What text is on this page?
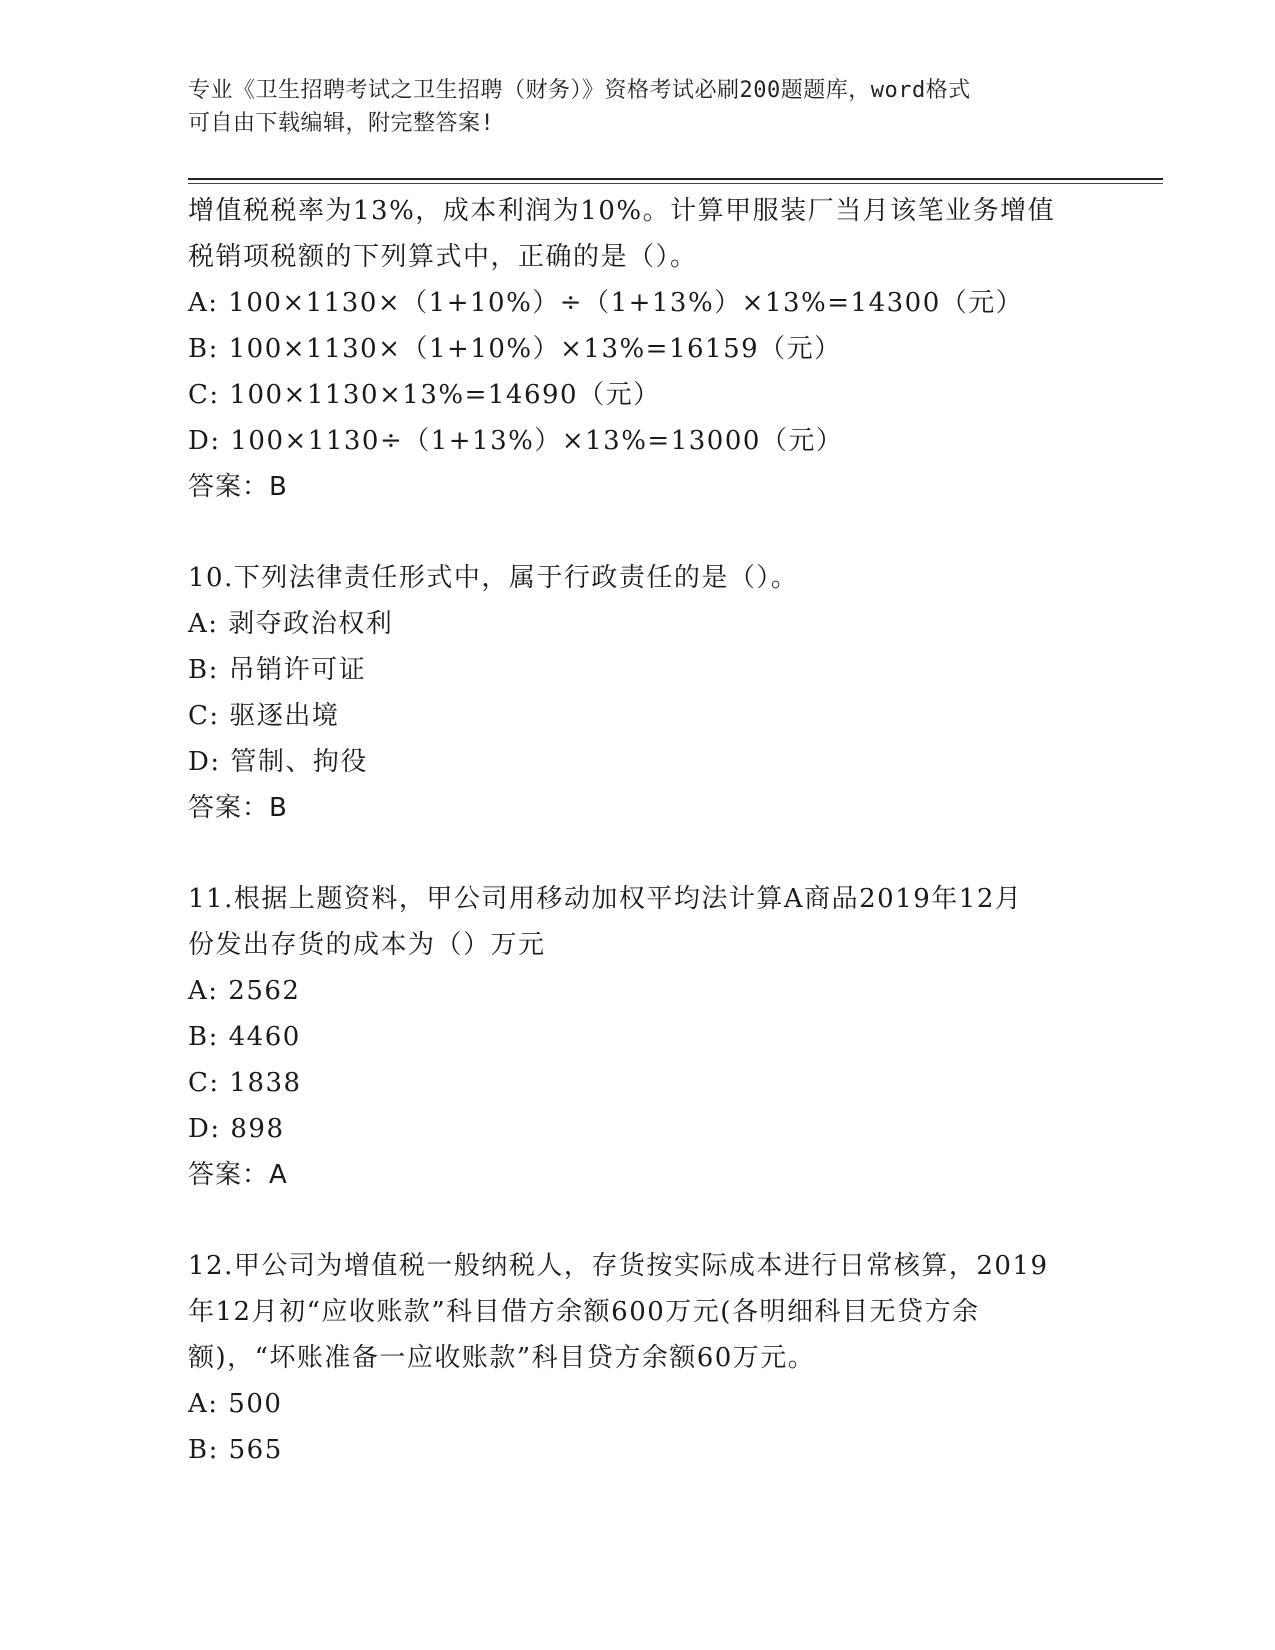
专业《卫生招聘考试之卫生招聘（财务）》资格考试必刷200题题库，word格式
可自由下载编辑，附完整答案!
增值税税率为13%，成本利润为10%。计算甲服装厂当月该笔业务增值
税销项税额的下列算式中，正确的是（）。
A: 100×1130×（1+10%）÷（1+13%）×13%=14300（元）
B: 100×1130×（1+10%）×13%=16159（元）
C: 100×1130×13%=14690（元）
D: 100×1130÷（1+13%）×13%=13000（元）
答案：B
10.下列法律责任形式中，属于行政责任的是（）。
A: 剥夺政治权利
B: 吊销许可证
C: 驱逐出境
D: 管制、拘役
答案：B
11.根据上题资料，甲公司用移动加权平均法计算A商品2019年12月
份发出存货的成本为（）万元
A: 2562
B: 4460
C: 1838
D: 898
答案：A
12.甲公司为增值税一般纳税人，存货按实际成本进行日常核算，2019
年12月初“应收账款”科目借方余额600万元(各明细科目无贷方余
额)，“坏账准备一应收账款”科目贷方余额60万元。
A: 500
B: 565
